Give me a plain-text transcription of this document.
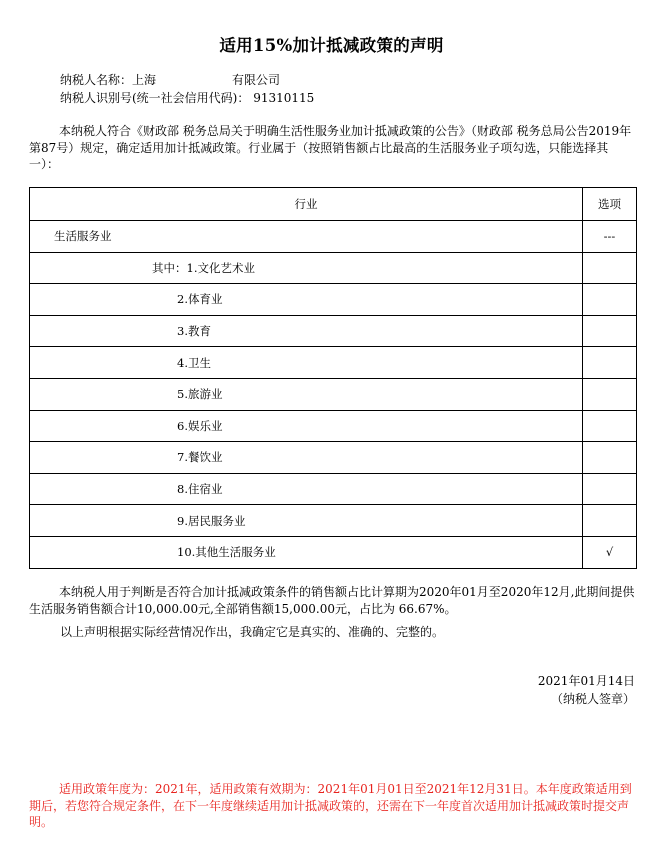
适用15%加计抵减政策的声明
纳税人名称：上海	有限公司
纳税人识别号(统一社会信用代码)： 91310115
本纳税人符合《财政部 税务总局关于明确生活性服务业加计抵减政策的公告》（财政部 税务总局公告2019年第87号）规定，确定适用加计抵减政策。行业属于（按照销售额占比最高的生活服务业子项勾选，只能选择其一）：
行业	选项
生活服务业	---
其中：1.文化艺术业	
2.体育业	
3.教育	
4.卫生	
5.旅游业	
6.娱乐业	
7.餐饮业	
8.住宿业	
9.居民服务业	
10.其他生活服务业	√
本纳税人用于判断是否符合加计抵减政策条件的销售额占比计算期为2020年01月至2020年12月,此期间提供 生活服务销售额合计10,000.00元,全部销售额15,000.00元，占比为 66.67%。
以上声明根据实际经营情况作出，我确定它是真实的、准确的、完整的。
2021年01月14日
（纳税人签章）
适用政策年度为：2021年，适用政策有效期为：2021年01月01日至2021年12月31日。本年度政策适用到期后，若您符合规定条件，在下一年度继续适用加计抵减政策的，还需在下一年度首次适用加计抵减政策时提交声明。
